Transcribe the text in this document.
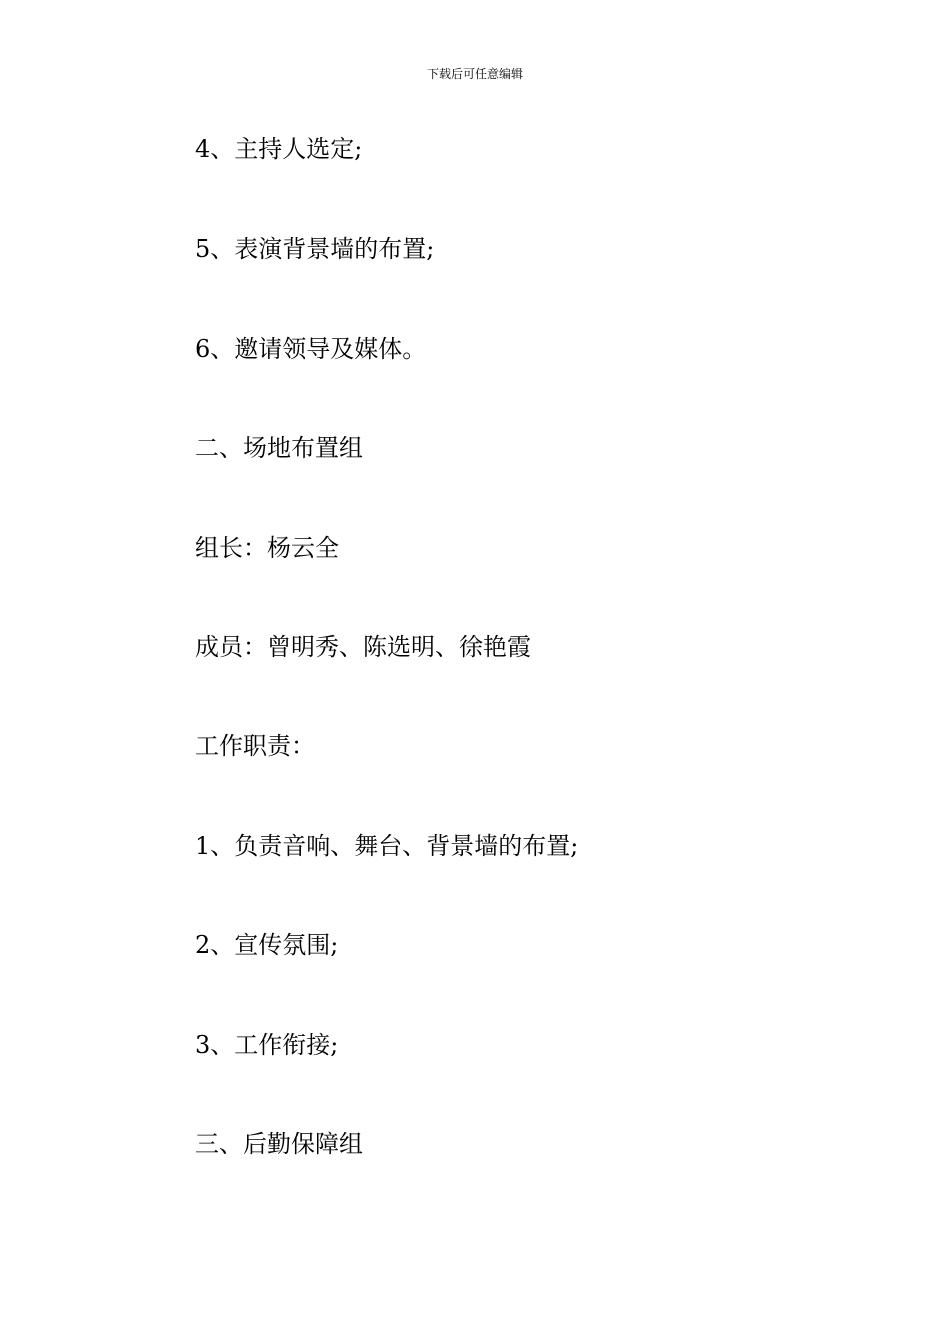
下载后可任意编辑
4、主持人选定;
5、表演背景墙的布置;
6、邀请领导及媒体。
二、场地布置组
组长：杨云全
成员：曾明秀、陈选明、徐艳霞
工作职责：
1、负责音响、舞台、背景墙的布置;
2、宣传氛围;
3、工作衔接;
三、后勤保障组
